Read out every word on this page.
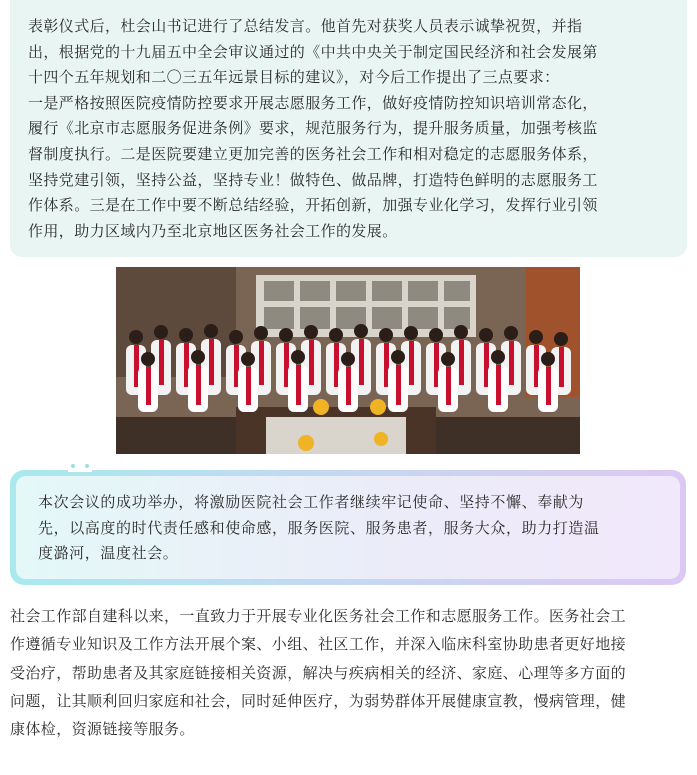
表彰仪式后，杜会山书记进行了总结发言。他首先对获奖人员表示诚挚祝贺，并指
出，根据党的十九届五中全会审议通过的《中共中央关于制定国民经济和社会发展第
十四个五年规划和二〇三五年远景目标的建议》，对今后工作提出了三点要求：
一是严格按照医院疫情防控要求开展志愿服务工作，做好疫情防控知识培训常态化，
履行《北京市志愿服务促进条例》要求，规范服务行为，提升服务质量，加强考核监
督制度执行。二是医院要建立更加完善的医务社会工作和相对稳定的志愿服务体系，
坚持党建引领，坚持公益，坚持专业！做特色、做品牌，打造特色鲜明的志愿服务工
作体系。三是在工作中要不断总结经验，开拓创新，加强专业化学习，发挥行业引领
作用，助力区域内乃至北京地区医务社会工作的发展。

本次会议的成功举办，将激励医院社会工作者继续牢记使命、坚持不懈、奉献为
先，以高度的时代责任感和使命感，服务医院、服务患者，服务大众，助力打造温
度潞河，温度社会。

社会工作部自建科以来，一直致力于开展专业化医务社会工作和志愿服务工作。医务社会工
作遵循专业知识及工作方法开展个案、小组、社区工作，并深入临床科室协助患者更好地接
受治疗，帮助患者及其家庭链接相关资源，解决与疾病相关的经济、家庭、心理等多方面的
问题，让其顺利回归家庭和社会，同时延伸医疗，为弱势群体开展健康宣教，慢病管理，健
康体检，资源链接等服务。
